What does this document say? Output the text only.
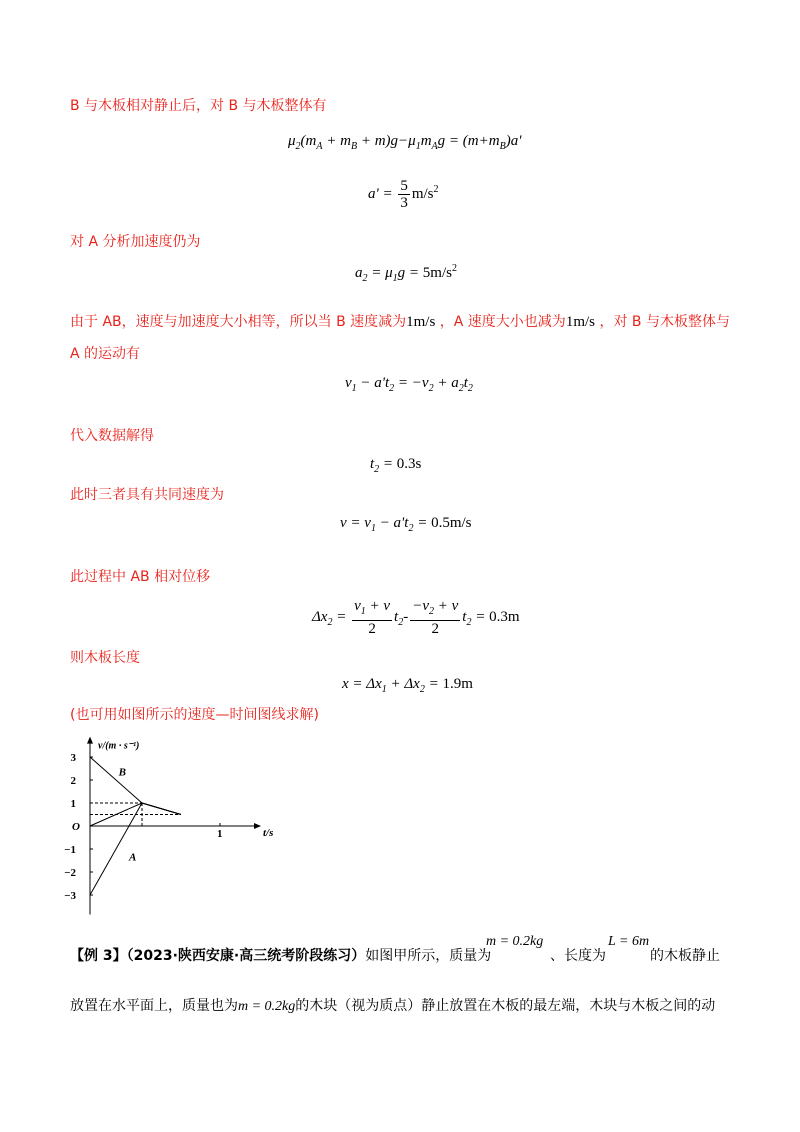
B 与木板相对静止后，对 B 与木板整体有
$\mu_2(m_A + m_B + m)g-\mu_1m_Ag = (m+m_B)a'$
$a' = \frac{5}{3} m/s^2$
对 A 分析加速度仍为
$a_2 = \mu_1g = 5m/s^2$
由于 AB，速度与加速度大小相等，所以当 B 速度减为1m/s ，A 速度大小也减为1m/s ，对 B 与木板整体与
A 的运动有
$v_1 - a't_2 = -v_2 + a_2t_2$
代入数据解得
$t_2 = 0.3s$
此时三者具有共同速度为
$v = v_1 - a't_2 = 0.5m/s$
此过程中 AB 相对位移
$\Delta x_2 = \frac{v_1 + v}{2} t_2- \frac{-v_2 + v}{2} t_2 = 0.3m$
则木板长度
$x = \Delta x_1 + \Delta x_2 = 1.9m$
(也可用如图所示的速度—时间图线求解)
v/(m · s⁻¹)
t/s
3
2
1
−1
−2
−3
O
1
B
A
【例 3】（2023·陕西安康·高三统考阶段练习）如图甲所示，质量为
m = 0.2kg
、长度为
L = 6m
的木板静止
放置在水平面上，质量也为m = 0.2kg的木块（视为质点）静止放置在木板的最左端，木块与木板之间的动
